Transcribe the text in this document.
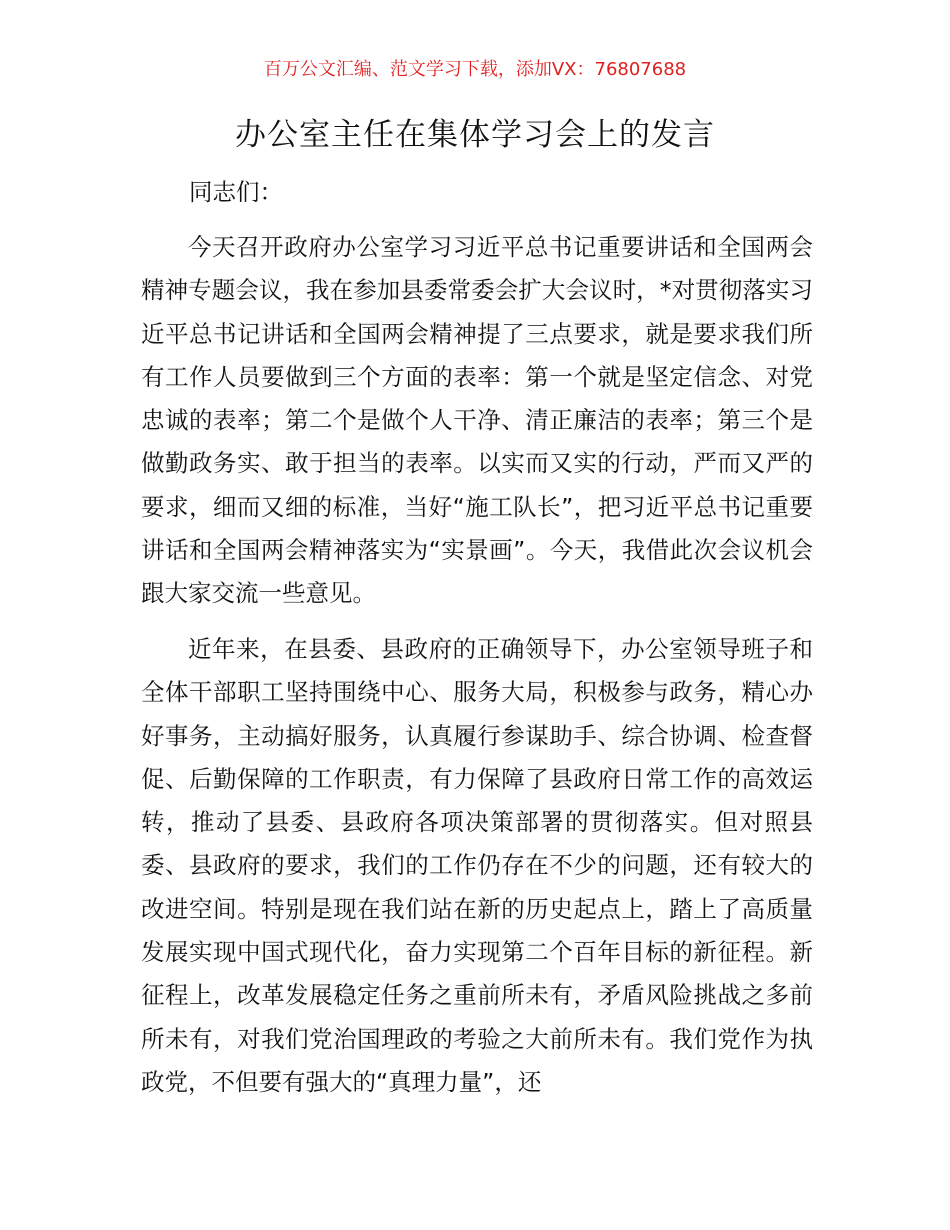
百万公文汇编、范文学习下载，添加VX：76807688
办公室主任在集体学习会上的发言
同志们：
今天召开政府办公室学习习近平总书记重要讲话和全国两会精神专题会议，我在参加县委常委会扩大会议时，*对贯彻落实习近平总书记讲话和全国两会精神提了三点要求，就是要求我们所有工作人员要做到三个方面的表率：第一个就是坚定信念、对党忠诚的表率；第二个是做个人干净、清正廉洁的表率；第三个是做勤政务实、敢于担当的表率。以实而又实的行动，严而又严的要求，细而又细的标准，当好“施工队长”，把习近平总书记重要讲话和全国两会精神落实为“实景画”。今天，我借此次会议机会跟大家交流一些意见。
近年来，在县委、县政府的正确领导下，办公室领导班子和全体干部职工坚持围绕中心、服务大局，积极参与政务，精心办好事务，主动搞好服务，认真履行参谋助手、综合协调、检查督促、后勤保障的工作职责，有力保障了县政府日常工作的高效运转，推动了县委、县政府各项决策部署的贯彻落实。但对照县委、县政府的要求，我们的工作仍存在不少的问题，还有较大的改进空间。特别是现在我们站在新的历史起点上，踏上了高质量发展实现中国式现代化，奋力实现第二个百年目标的新征程。新征程上，改革发展稳定任务之重前所未有，矛盾风险挑战之多前所未有，对我们党治国理政的考验之大前所未有。我们党作为执政党，不但要有强大的“真理力量”，还
